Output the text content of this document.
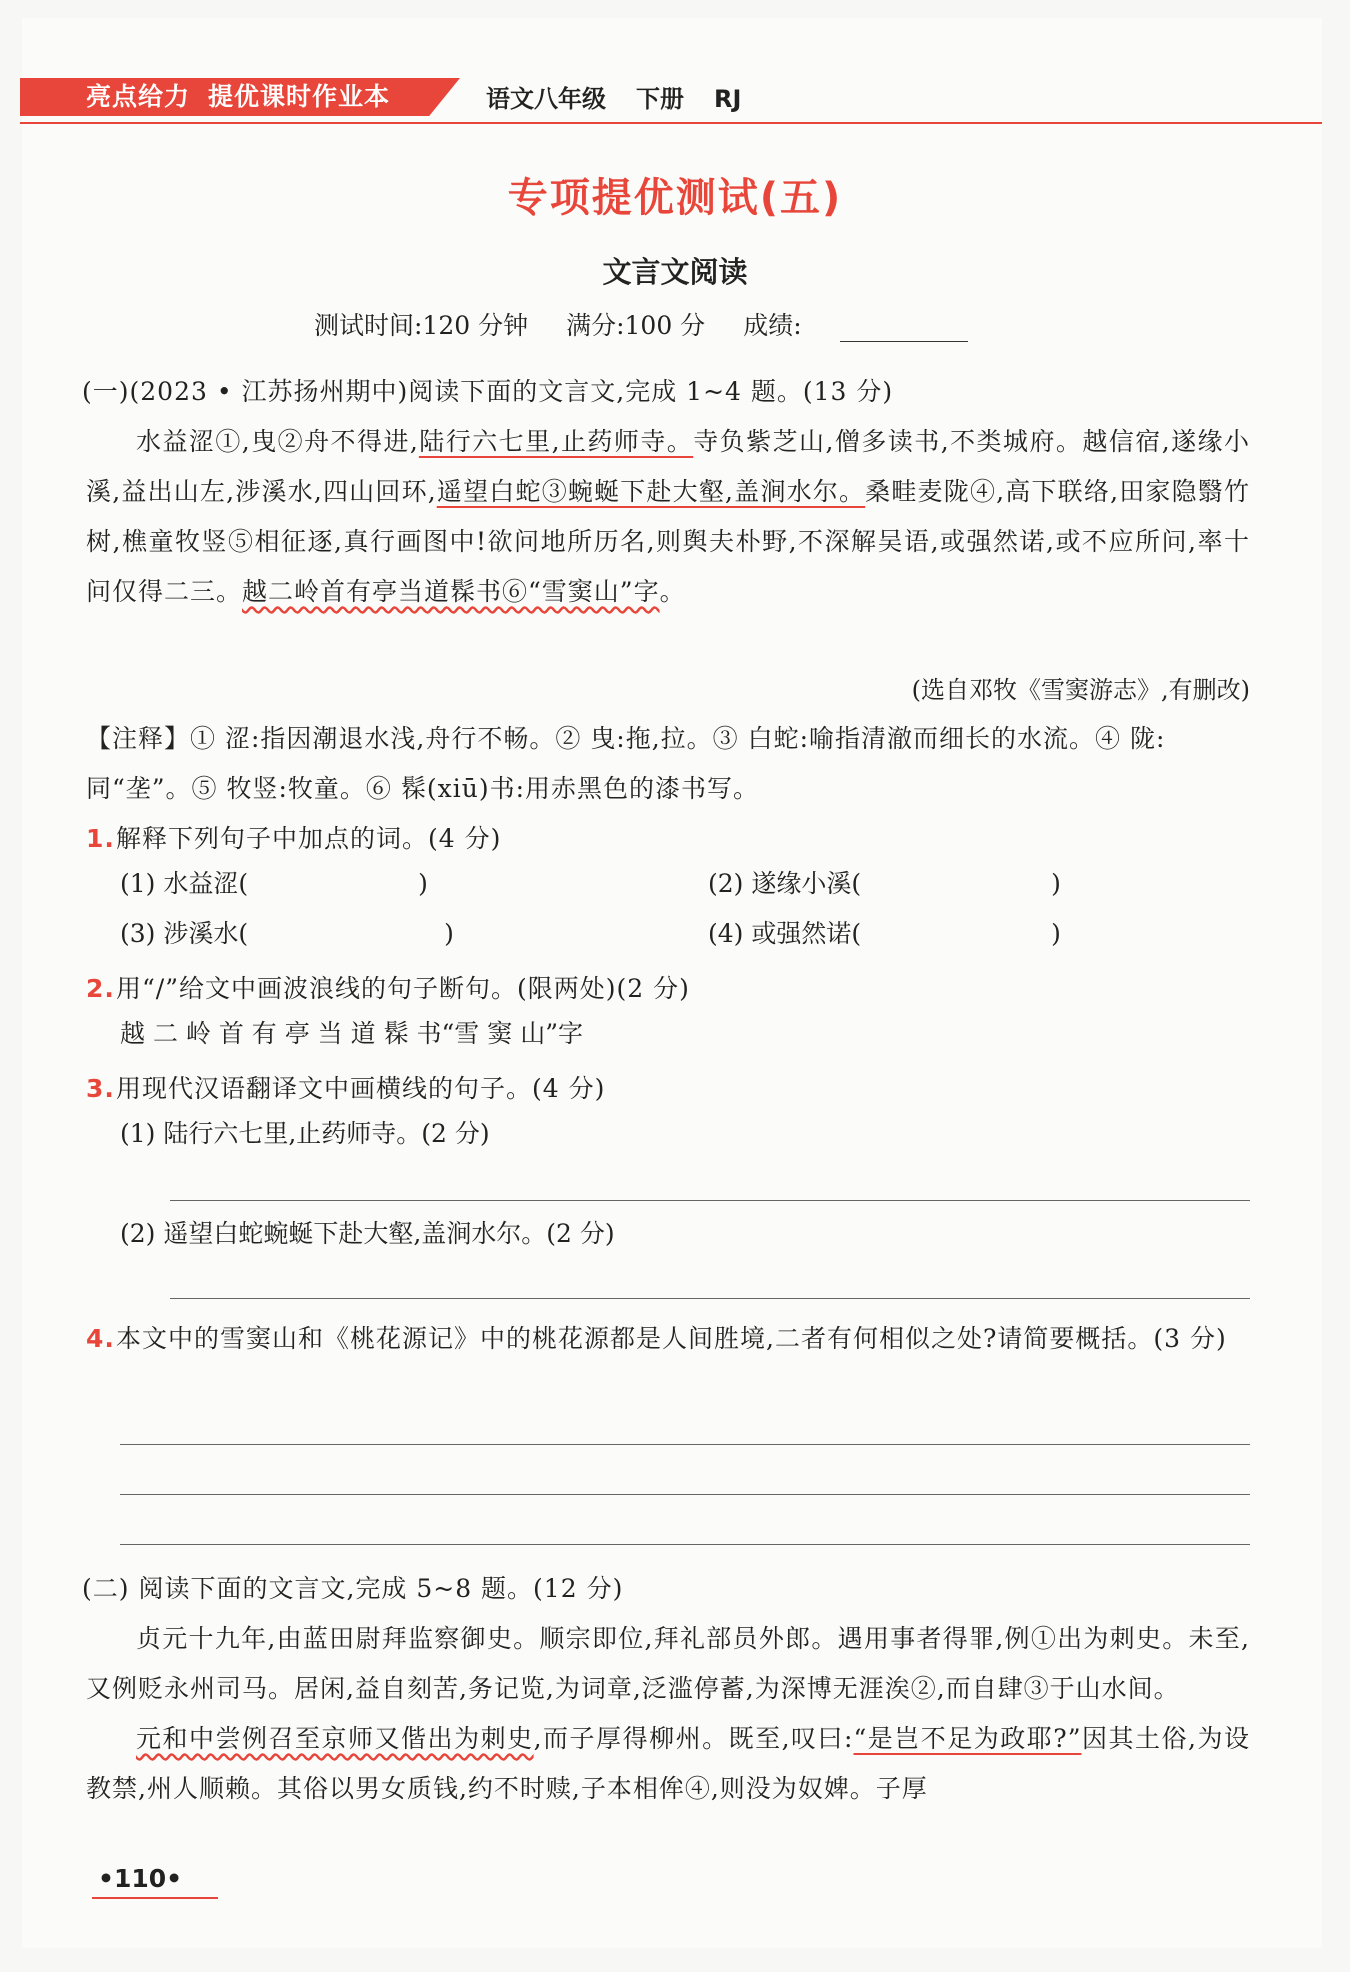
亮点给力 提优课时作业本	语文八年级 下册 RJ
专项提优测试(五)
文言文阅读
测试时间:120 分钟 满分:100 分 成绩:
(一)(2023 • 江苏扬州期中)阅读下面的文言文,完成 1~4 题。(13 分)

水益涩①,曳②舟不得进,陆行六七里,止药师寺。寺负紫芝山,僧多读书,不类城府。越信宿,遂缘小溪,益出山左,涉溪水,四山回环,遥望白蛇③蜿蜒下赴大壑,盖涧水尔。桑畦麦陇④,高下联络,田家隐翳竹树,樵童牧竖⑤相征逐,真行画图中!欲问地所历名,则舆夫朴野,不深解吴语,或强然诺,或不应所问,率十问仅得二三。越二岭首有亭当道髹书⑥“雪窦山”字。

(选自邓牧《雪窦游志》,有删改)
【注释】① 涩:指因潮退水浅,舟行不畅。② 曳:拖,拉。③ 白蛇:喻指清澈而细长的水流。④ 陇:同“垄”。⑤ 牧竖:牧童。⑥ 髹(xiū)书:用赤黑色的漆书写。
1.解释下列句子中加点的词。(4 分)
(1) 水益涩(	)	(2) 遂缘小溪(	)
(3) 涉溪水(	)	(4) 或强然诺(	)
2.用“/”给文中画波浪线的句子断句。(限两处)(2 分)
越 二 岭 首 有 亭 当 道 髹 书“雪 窦 山”字
3.用现代汉语翻译文中画横线的句子。(4 分)
(1) 陆行六七里,止药师寺。(2 分)
(2) 遥望白蛇蜿蜒下赴大壑,盖涧水尔。(2 分)
4.本文中的雪窦山和《桃花源记》中的桃花源都是人间胜境,二者有何相似之处?请简要概括。(3 分)
(二) 阅读下面的文言文,完成 5~8 题。(12 分)

贞元十九年,由蓝田尉拜监察御史。顺宗即位,拜礼部员外郎。遇用事者得罪,例①出为刺史。未至,又例贬永州司马。居闲,益自刻苦,务记览,为词章,泛滥停蓄,为深博无涯涘②,而自肆③于山水间。

元和中尝例召至京师又偕出为刺史,而子厚得柳州。既至,叹曰:“是岂不足为政耶?”因其土俗,为设教禁,州人顺赖。其俗以男女质钱,约不时赎,子本相侔④,则没为奴婢。子厚

•110•
